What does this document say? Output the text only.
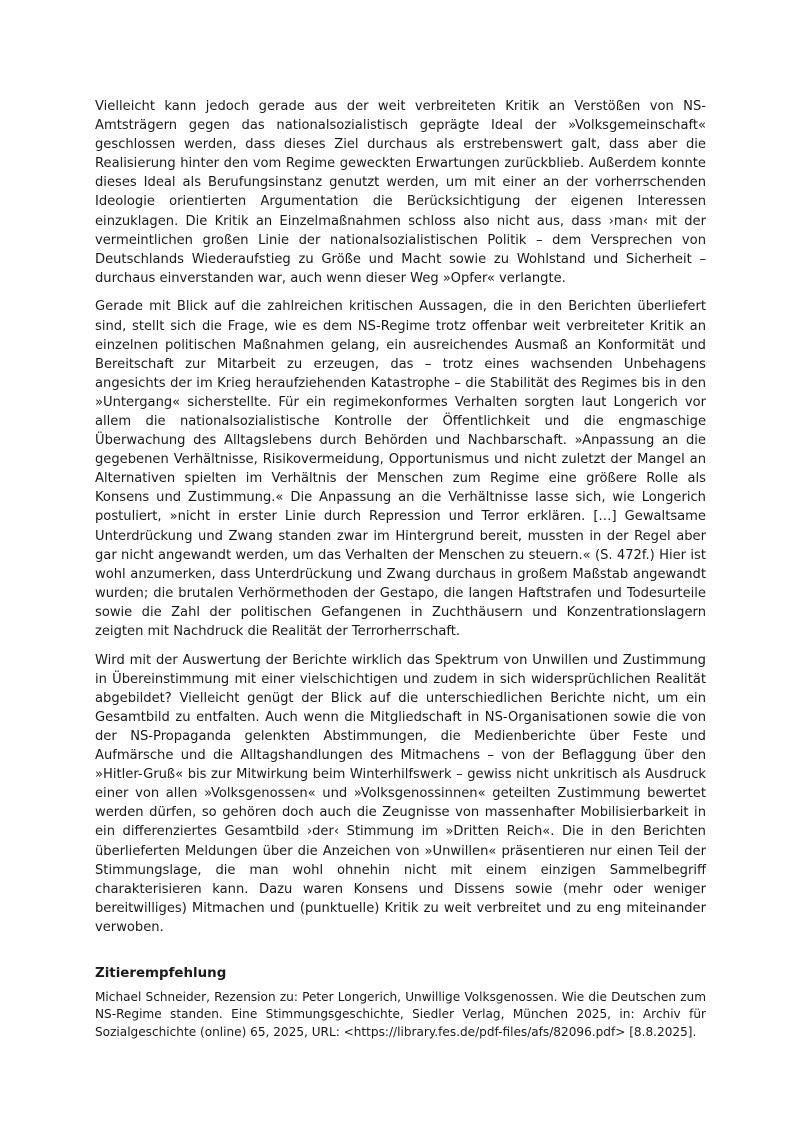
Vielleicht kann jedoch gerade aus der weit verbreiteten Kritik an Verstößen von NS-Amtsträgern gegen das nationalsozialistisch geprägte Ideal der »Volksgemeinschaft« geschlossen werden, dass dieses Ziel durchaus als erstrebenswert galt, dass aber die Realisierung hinter den vom Regime geweckten Erwartungen zurückblieb. Außerdem konnte dieses Ideal als Berufungsinstanz genutzt werden, um mit einer an der vorherrschenden Ideologie orientierten Argumentation die Berücksichtigung der eigenen Interessen einzuklagen. Die Kritik an Einzelmaßnahmen schloss also nicht aus, dass ›man‹ mit der vermeintlichen großen Linie der nationalsozialistischen Politik – dem Versprechen von Deutschlands Wiederaufstieg zu Größe und Macht sowie zu Wohlstand und Sicherheit – durchaus einverstanden war, auch wenn dieser Weg »Opfer« verlangte.

Gerade mit Blick auf die zahlreichen kritischen Aussagen, die in den Berichten überliefert sind, stellt sich die Frage, wie es dem NS-Regime trotz offenbar weit verbreiteter Kritik an einzelnen politischen Maßnahmen gelang, ein ausreichendes Ausmaß an Konformität und Bereitschaft zur Mitarbeit zu erzeugen, das – trotz eines wachsenden Unbehagens angesichts der im Krieg heraufziehenden Katastrophe – die Stabilität des Regimes bis in den »Untergang« sicherstellte. Für ein regimekonformes Verhalten sorgten laut Longerich vor allem die nationalsozialistische Kontrolle der Öffentlichkeit und die engmaschige Überwachung des Alltagslebens durch Behörden und Nachbarschaft. »Anpassung an die gegebenen Verhältnisse, Risikovermeidung, Opportunismus und nicht zuletzt der Mangel an Alternativen spielten im Verhältnis der Menschen zum Regime eine größere Rolle als Konsens und Zustimmung.« Die Anpassung an die Verhältnisse lasse sich, wie Longerich postuliert, »nicht in erster Linie durch Repression und Terror erklären. […] Gewaltsame Unterdrückung und Zwang standen zwar im Hintergrund bereit, mussten in der Regel aber gar nicht angewandt werden, um das Verhalten der Menschen zu steuern.« (S. 472f.) Hier ist wohl anzumerken, dass Unterdrückung und Zwang durchaus in großem Maßstab angewandt wurden; die brutalen Verhörmethoden der Gestapo, die langen Haftstrafen und Todesurteile sowie die Zahl der politischen Gefangenen in Zuchthäusern und Konzentrationslagern zeigten mit Nachdruck die Realität der Terrorherrschaft.

Wird mit der Auswertung der Berichte wirklich das Spektrum von Unwillen und Zustimmung in Übereinstimmung mit einer vielschichtigen und zudem in sich widersprüchlichen Realität abgebildet? Vielleicht genügt der Blick auf die unterschiedlichen Berichte nicht, um ein Gesamtbild zu entfalten. Auch wenn die Mitgliedschaft in NS-Organisationen sowie die von der NS-Propaganda gelenkten Abstimmungen, die Medienberichte über Feste und Aufmärsche und die Alltagshandlungen des Mitmachens – von der Beflaggung über den »Hitler-Gruß« bis zur Mitwirkung beim Winterhilfswerk – gewiss nicht unkritisch als Ausdruck einer von allen »Volksgenossen« und »Volksgenossinnen« geteilten Zustimmung bewertet werden dürfen, so gehören doch auch die Zeugnisse von massenhafter Mobilisierbarkeit in ein differenziertes Gesamtbild ›der‹ Stimmung im »Dritten Reich«. Die in den Berichten überlieferten Meldungen über die Anzeichen von »Unwillen« präsentieren nur einen Teil der Stimmungslage, die man wohl ohnehin nicht mit einem einzigen Sammelbegriff charakterisieren kann. Dazu waren Konsens und Dissens sowie (mehr oder weniger bereitwilliges) Mitmachen und (punktuelle) Kritik zu weit verbreitet und zu eng miteinander verwoben.

Zitierempfehlung

Michael Schneider, Rezension zu: Peter Longerich, Unwillige Volksgenossen. Wie die Deutschen zum NS-Regime standen. Eine Stimmungsgeschichte, Siedler Verlag, München 2025, in: Archiv für Sozialgeschichte (online) 65, 2025, URL: <https://library.fes.de/pdf-files/afs/82096.pdf> [8.8.2025].
